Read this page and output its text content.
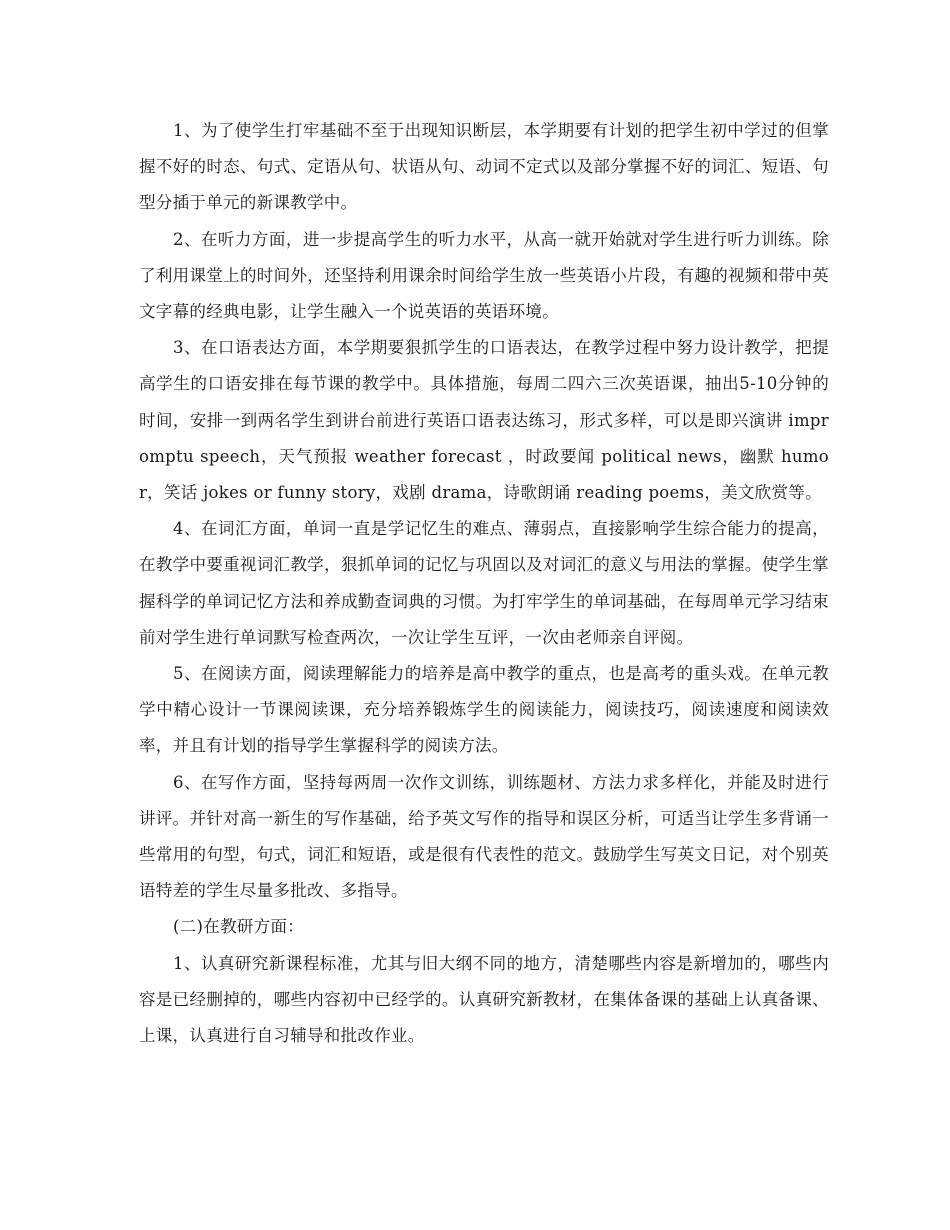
1、为了使学生打牢基础不至于出现知识断层，本学期要有计划的把学生初中学过的但掌握不好的时态、句式、定语从句、状语从句、动词不定式以及部分掌握不好的词汇、短语、句型分插于单元的新课教学中。

2、在听力方面，进一步提高学生的听力水平，从高一就开始就对学生进行听力训练。除了利用课堂上的时间外，还坚持利用课余时间给学生放一些英语小片段，有趣的视频和带中英文字幕的经典电影，让学生融入一个说英语的英语环境。

3、在口语表达方面，本学期要狠抓学生的口语表达，在教学过程中努力设计教学，把提高学生的口语安排在每节课的教学中。具体措施，每周二四六三次英语课，抽出5-10分钟的时间，安排一到两名学生到讲台前进行英语口语表达练习，形式多样，可以是即兴演讲 impromptu speech，天气预报 weather forecast ，时政要闻 political news，幽默 humor，笑话 jokes or funny story，戏剧 drama，诗歌朗诵 reading poems，美文欣赏等。

4、在词汇方面，单词一直是学记忆生的难点、薄弱点，直接影响学生综合能力的提高，在教学中要重视词汇教学，狠抓单词的记忆与巩固以及对词汇的意义与用法的掌握。使学生掌握科学的单词记忆方法和养成勤查词典的习惯。为打牢学生的单词基础，在每周单元学习结束前对学生进行单词默写检查两次，一次让学生互评，一次由老师亲自评阅。

5、在阅读方面，阅读理解能力的培养是高中教学的重点，也是高考的重头戏。在单元教学中精心设计一节课阅读课，充分培养锻炼学生的阅读能力，阅读技巧，阅读速度和阅读效率，并且有计划的指导学生掌握科学的阅读方法。

6、在写作方面，坚持每两周一次作文训练，训练题材、方法力求多样化，并能及时进行讲评。并针对高一新生的写作基础，给予英文写作的指导和误区分析，可适当让学生多背诵一些常用的句型，句式，词汇和短语，或是很有代表性的范文。鼓励学生写英文日记，对个别英语特差的学生尽量多批改、多指导。

(二)在教研方面：

1、认真研究新课程标准，尤其与旧大纲不同的地方，清楚哪些内容是新增加的，哪些内容是已经删掉的，哪些内容初中已经学的。认真研究新教材，在集体备课的基础上认真备课、上课，认真进行自习辅导和批改作业。
